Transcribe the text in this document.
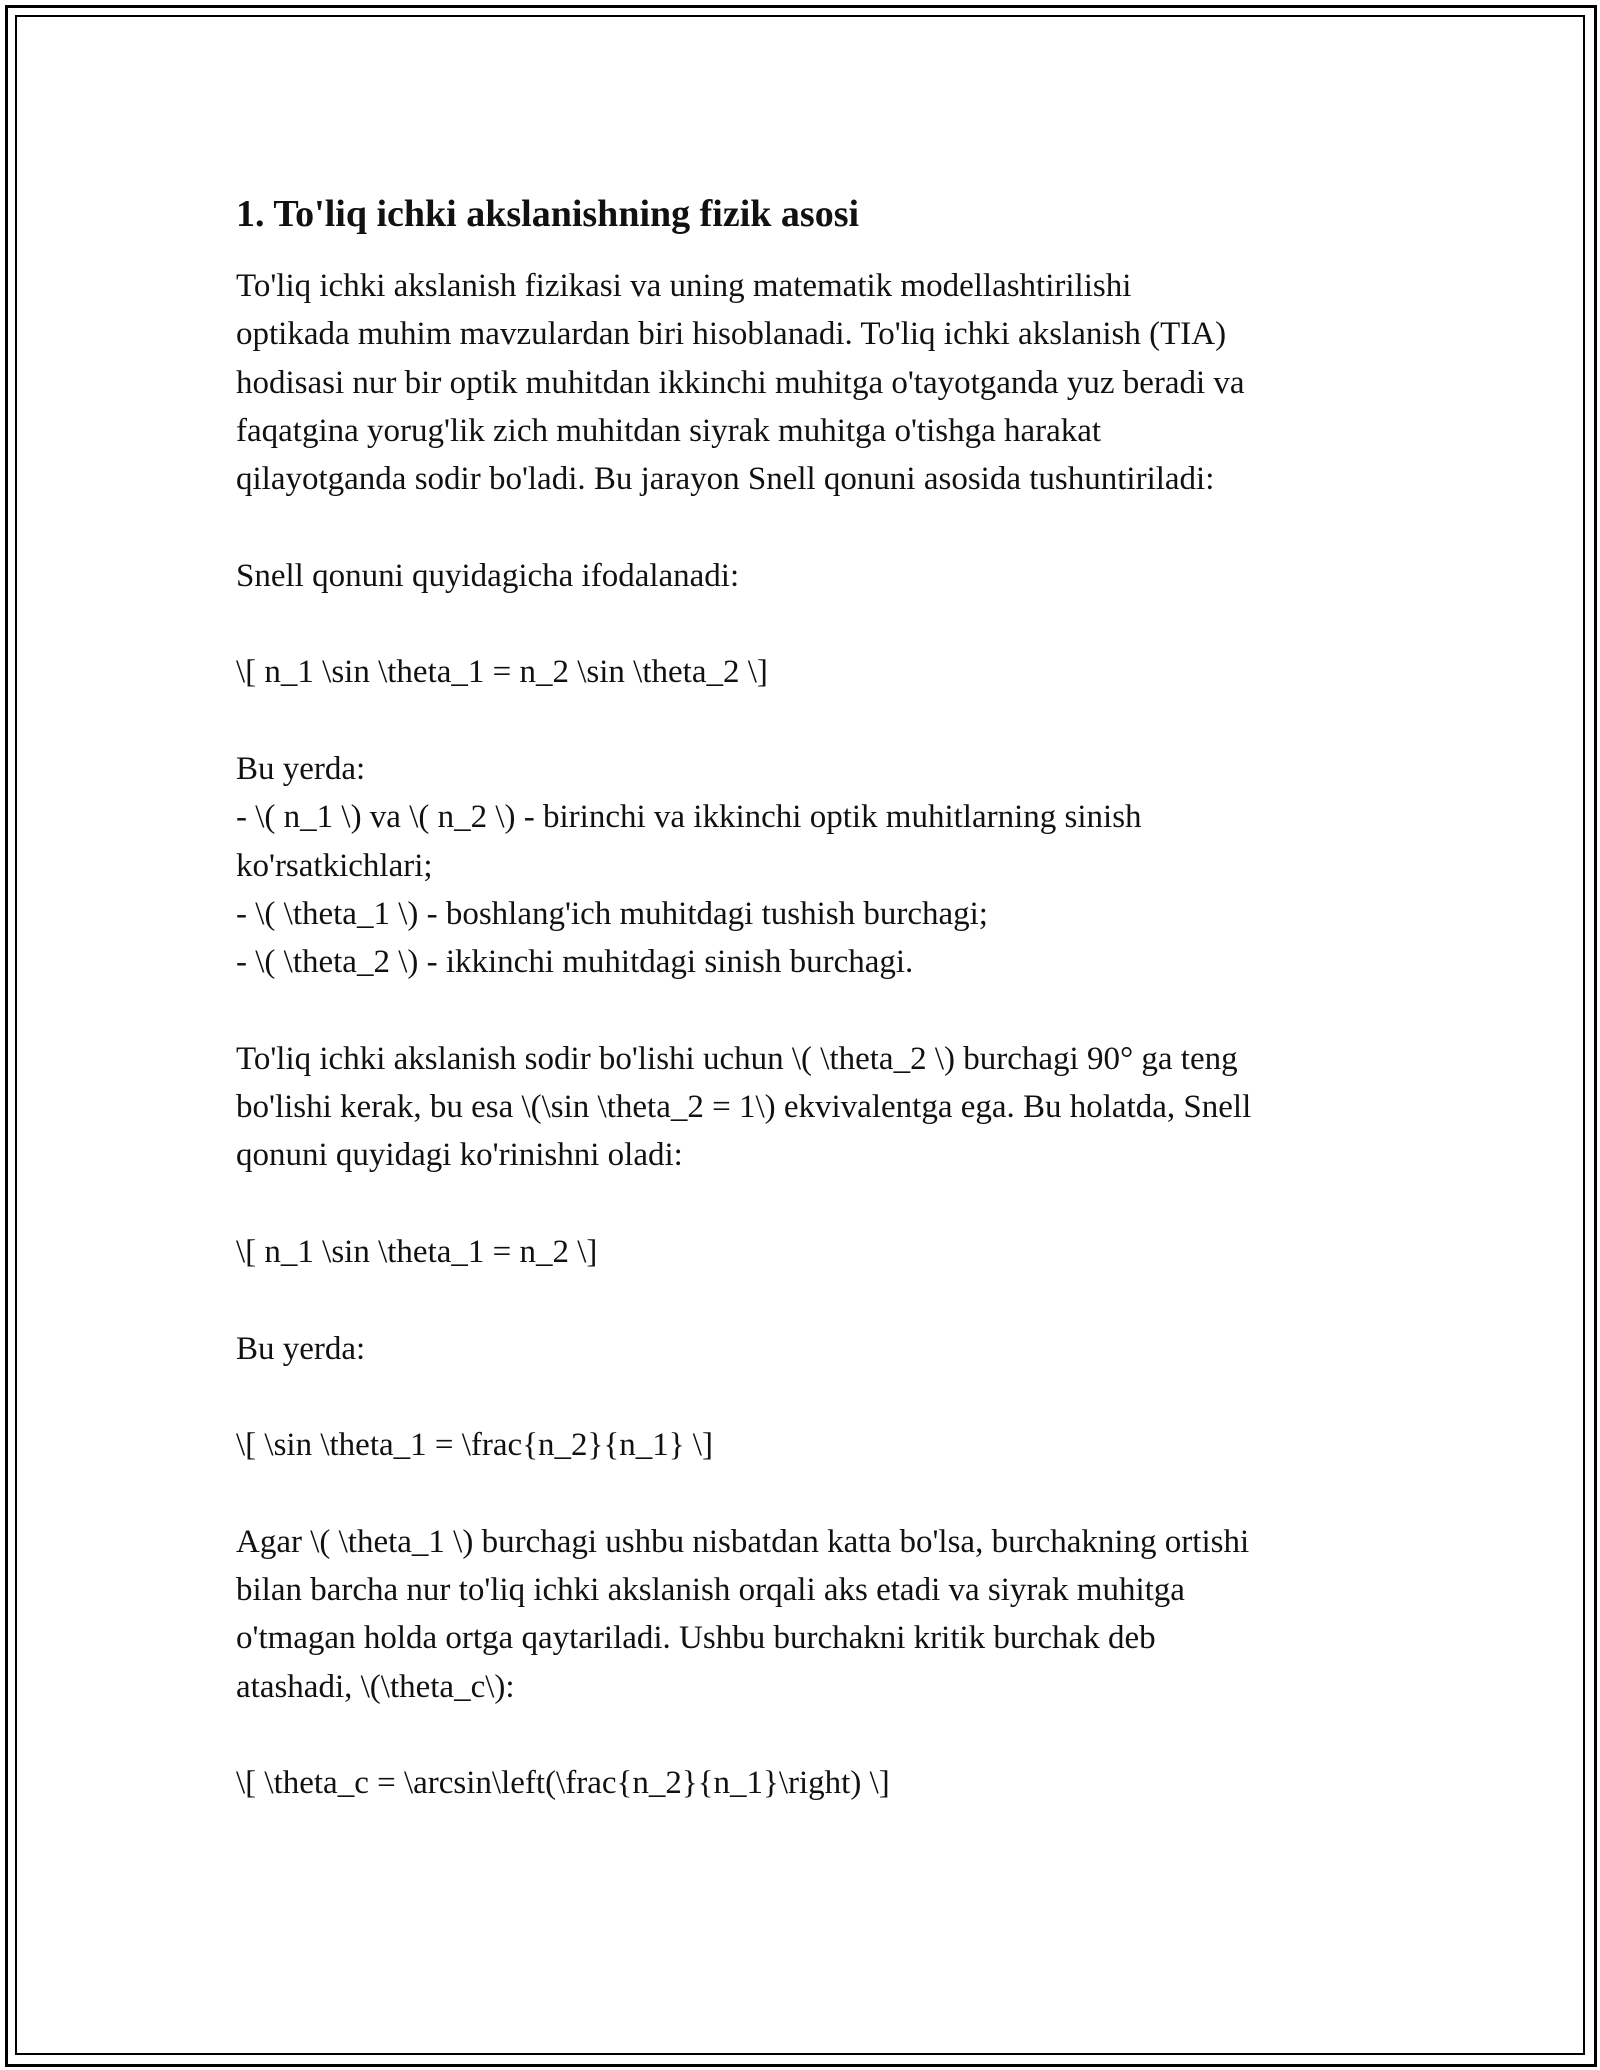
1. To'liq ichki akslanishning fizik asosi

To'liq ichki akslanish fizikasi va uning matematik modellashtirilishi
optikada muhim mavzulardan biri hisoblanadi. To'liq ichki akslanish (TIA)
hodisasi nur bir optik muhitdan ikkinchi muhitga o'tayotganda yuz beradi va
faqatgina yorug'lik zich muhitdan siyrak muhitga o'tishga harakat
qilayotganda sodir bo'ladi. Bu jarayon Snell qonuni asosida tushuntiriladi:

Snell qonuni quyidagicha ifodalanadi:

\[ n_1 \sin \theta_1 = n_2 \sin \theta_2 \]

Bu yerda:

- \( n_1 \) va \( n_2 \) - birinchi va ikkinchi optik muhitlarning sinish
ko'rsatkichlari;
- \( \theta_1 \) - boshlang'ich muhitdagi tushish burchagi;
- \( \theta_2 \) - ikkinchi muhitdagi sinish burchagi.

To'liq ichki akslanish sodir bo'lishi uchun \( \theta_2 \) burchagi 90° ga teng
bo'lishi kerak, bu esa \(\sin \theta_2 = 1\) ekvivalentga ega. Bu holatda, Snell
qonuni quyidagi ko'rinishni oladi:

\[ n_1 \sin \theta_1 = n_2 \]

Bu yerda:

\[ \sin \theta_1 = \frac{n_2}{n_1} \]

Agar \( \theta_1 \) burchagi ushbu nisbatdan katta bo'lsa, burchakning ortishi
bilan barcha nur to'liq ichki akslanish orqali aks etadi va siyrak muhitga
o'tmagan holda ortga qaytariladi. Ushbu burchakni kritik burchak deb
atashadi, \(\theta_c\):

\[ \theta_c = \arcsin\left(\frac{n_2}{n_1}\right) \]
